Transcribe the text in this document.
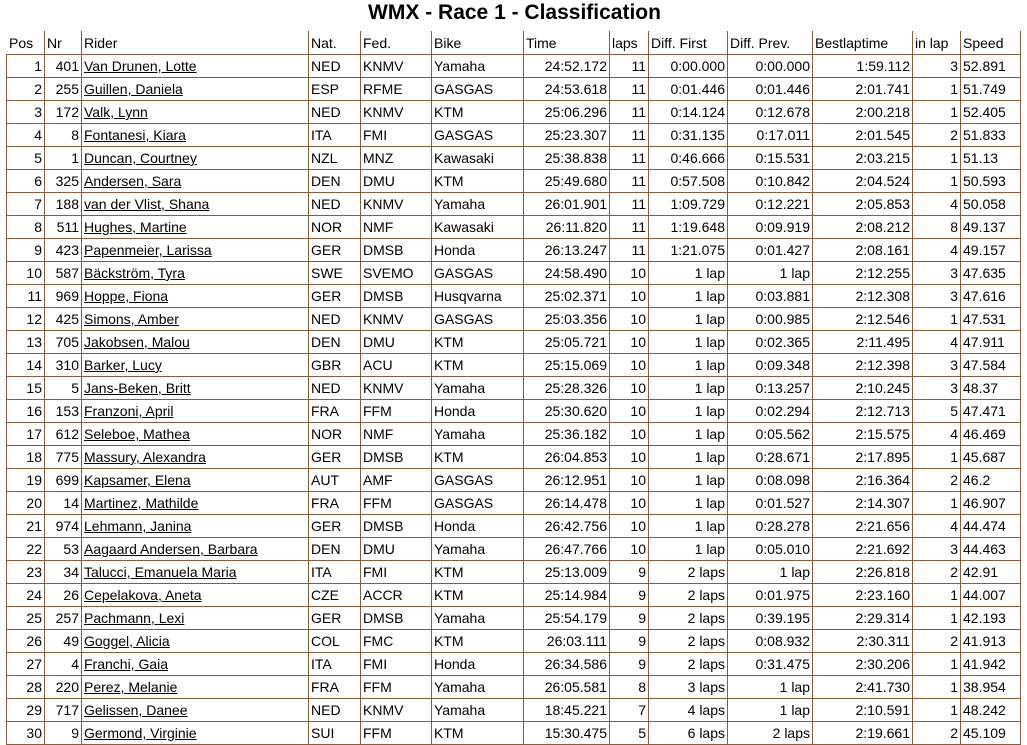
WMX - Race 1 - Classification
Pos	Nr	Rider	Nat.	Fed.	Bike	Time	laps	Diff. First	Diff. Prev.	Bestlaptime	in lap	Speed
1	401	Van Drunen, Lotte	NED	KNMV	Yamaha	24:52.172	11	0:00.000	0:00.000	1:59.112	3	52.891
2	255	Guillen, Daniela	ESP	RFME	GASGAS	24:53.618	11	0:01.446	0:01.446	2:01.741	1	51.749
3	172	Valk, Lynn	NED	KNMV	KTM	25:06.296	11	0:14.124	0:12.678	2:00.218	1	52.405
4	8	Fontanesi, Kiara	ITA	FMI	GASGAS	25:23.307	11	0:31.135	0:17.011	2:01.545	2	51.833
5	1	Duncan, Courtney	NZL	MNZ	Kawasaki	25:38.838	11	0:46.666	0:15.531	2:03.215	1	51.13
6	325	Andersen, Sara	DEN	DMU	KTM	25:49.680	11	0:57.508	0:10.842	2:04.524	1	50.593
7	188	van der Vlist, Shana	NED	KNMV	Yamaha	26:01.901	11	1:09.729	0:12.221	2:05.853	4	50.058
8	511	Hughes, Martine	NOR	NMF	Kawasaki	26:11.820	11	1:19.648	0:09.919	2:08.212	8	49.137
9	423	Papenmeier, Larissa	GER	DMSB	Honda	26:13.247	11	1:21.075	0:01.427	2:08.161	4	49.157
10	587	Bäckström, Tyra	SWE	SVEMO	GASGAS	24:58.490	10	1 lap	1 lap	2:12.255	3	47.635
11	969	Hoppe, Fiona	GER	DMSB	Husqvarna	25:02.371	10	1 lap	0:03.881	2:12.308	3	47.616
12	425	Simons, Amber	NED	KNMV	GASGAS	25:03.356	10	1 lap	0:00.985	2:12.546	1	47.531
13	705	Jakobsen, Malou	DEN	DMU	KTM	25:05.721	10	1 lap	0:02.365	2:11.495	4	47.911
14	310	Barker, Lucy	GBR	ACU	KTM	25:15.069	10	1 lap	0:09.348	2:12.398	3	47.584
15	5	Jans-Beken, Britt	NED	KNMV	Yamaha	25:28.326	10	1 lap	0:13.257	2:10.245	3	48.37
16	153	Franzoni, April	FRA	FFM	Honda	25:30.620	10	1 lap	0:02.294	2:12.713	5	47.471
17	612	Seleboe, Mathea	NOR	NMF	Yamaha	25:36.182	10	1 lap	0:05.562	2:15.575	4	46.469
18	775	Massury, Alexandra	GER	DMSB	KTM	26:04.853	10	1 lap	0:28.671	2:17.895	1	45.687
19	699	Kapsamer, Elena	AUT	AMF	GASGAS	26:12.951	10	1 lap	0:08.098	2:16.364	2	46.2
20	14	Martinez, Mathilde	FRA	FFM	GASGAS	26:14.478	10	1 lap	0:01.527	2:14.307	1	46.907
21	974	Lehmann, Janina	GER	DMSB	Honda	26:42.756	10	1 lap	0:28.278	2:21.656	4	44.474
22	53	Aagaard Andersen, Barbara	DEN	DMU	Yamaha	26:47.766	10	1 lap	0:05.010	2:21.692	3	44.463
23	34	Talucci, Emanuela Maria	ITA	FMI	KTM	25:13.009	9	2 laps	1 lap	2:26.818	2	42.91
24	26	Cepelakova, Aneta	CZE	ACCR	KTM	25:14.984	9	2 laps	0:01.975	2:23.160	1	44.007
25	257	Pachmann, Lexi	GER	DMSB	Yamaha	25:54.179	9	2 laps	0:39.195	2:29.314	1	42.193
26	49	Goggel, Alicia	COL	FMC	KTM	26:03.111	9	2 laps	0:08.932	2:30.311	2	41.913
27	4	Franchi, Gaia	ITA	FMI	Honda	26:34.586	9	2 laps	0:31.475	2:30.206	1	41.942
28	220	Perez, Melanie	FRA	FFM	Yamaha	26:05.581	8	3 laps	1 lap	2:41.730	1	38.954
29	717	Gelissen, Danee	NED	KNMV	Yamaha	18:45.221	7	4 laps	1 lap	2:10.591	1	48.242
30	9	Germond, Virginie	SUI	FFM	KTM	15:30.475	5	6 laps	2 laps	2:19.661	2	45.109
